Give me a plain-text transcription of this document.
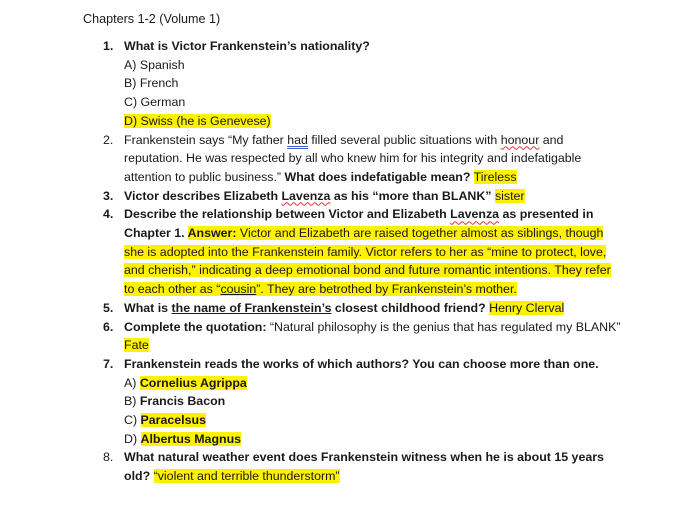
Chapters 1-2 (Volume 1)
1. What is Victor Frankenstein’s nationality?
A) Spanish
B) French
C) German
D) Swiss (he is Genevese)
2. Frankenstein says “My father had filled several public situations with honour and reputation. He was respected by all who knew him for his integrity and indefatigable attention to public business.” What does indefatigable mean? Tireless
3. Victor describes Elizabeth Lavenza as his “more than BLANK” sister
4. Describe the relationship between Victor and Elizabeth Lavenza as presented in Chapter 1. Answer: Victor and Elizabeth are raised together almost as siblings, though she is adopted into the Frankenstein family. Victor refers to her as “mine to protect, love, and cherish,” indicating a deep emotional bond and future romantic intentions. They refer to each other as “cousin”. They are betrothed by Frankenstein’s mother.
5. What is the name of Frankenstein’s closest childhood friend? Henry Clerval
6. Complete the quotation: “Natural philosophy is the genius that has regulated my BLANK” Fate
7. Frankenstein reads the works of which authors? You can choose more than one.
A) Cornelius Agrippa
B) Francis Bacon
C) Paracelsus
D) Albertus Magnus
8. What natural weather event does Frankenstein witness when he is about 15 years old? “violent and terrible thunderstorm”
